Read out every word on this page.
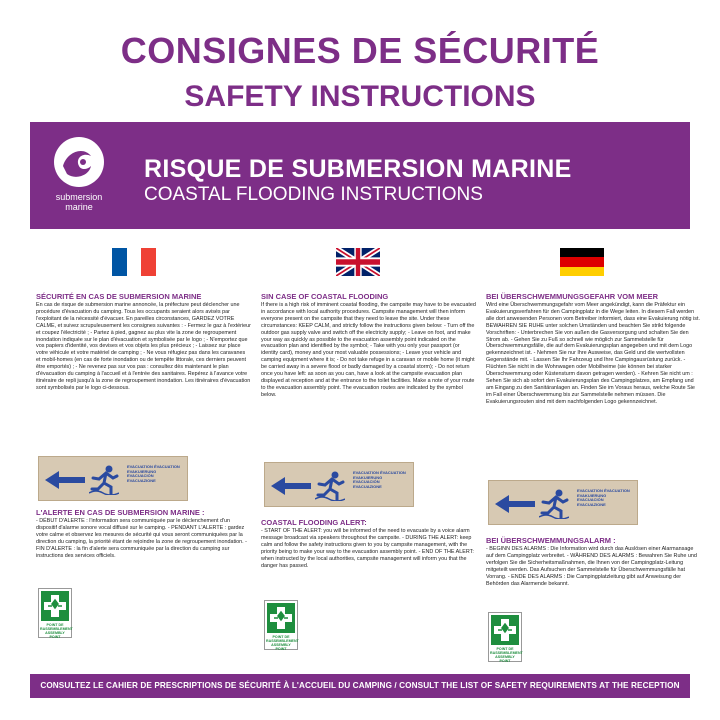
CONSIGNES DE SÉCURITÉ
SAFETY INSTRUCTIONS
submersion marine
RISQUE DE SUBMERSION MARINE
COASTAL FLOODING INSTRUCTIONS
SÉCURITÉ EN CAS DE SUBMERSION MARINE

En cas de risque de submersion marine annoncée, la préfecture peut déclencher une procédure d'évacuation du camping. Tous les occupants seraient alors avisés par l'exploitant de la nécessité d'évacuer. En pareilles circonstances, GARDEZ VOTRE CALME, et suivez scrupuleusement les consignes suivantes : - Fermez le gaz à l'extérieur et coupez l'électricité ; - Partez à pied, gagnez au plus vite la zone de regroupement inondation indiquée sur le plan d'évacuation et symbolisée par le logo ; - N'emportez que vos papiers d'identité, vos devises et vos objets les plus précieux ; - Laissez sur place votre véhicule et votre matériel de camping ; - Ne vous réfugiez pas dans les caravanes et mobil-homes (en cas de forte inondation ou de tempête littorale, ces derniers peuvent être emportés) ; - Ne revenez pas sur vos pas : consultez dès maintenant le plan d'évacuation du camping à l'accueil et à l'entrée des sanitaires. Repérez à l'avance votre itinéraire de repli jusqu'à la zone de regroupement inondation. Les itinéraires d'évacuation sont symbolisés par le logo ci-dessous.

L'ALERTE EN CAS DE SUBMERSION MARINE :

- DÉBUT D'ALERTE : l'information sera communiquée par le déclenchement d'un dispositif d'alarme sonore vocal diffusé sur le camping. - PENDANT L'ALERTE : gardez votre calme et observez les mesures de sécurité qui vous seront communiquées par la direction du camping, la priorité étant de rejoindre la zone de regroupement inondation. - FIN D'ALERTE : la fin d'alerte sera communiquée par la direction du camping sur instructions des services officiels.

SIN CASE OF COASTAL FLOODING

If there is a high risk of imminent coastal flooding, the campsite may have to be evacuated in accordance with local authority procedures. Campsite management will then inform everyone present on the campsite that they need to leave the site. Under these circumstances: KEEP CALM, and strictly follow the instructions given below: - Turn off the outdoor gas supply valve and switch off the electricity supply; - Leave on foot, and make your way as quickly as possible to the evacuation assembly point indicated on the evacuation plan and identified by the symbol; - Take with you only your passport (or identity card), money and your most valuable possessions; - Leave your vehicle and camping equipment where it is; - Do not take refuge in a caravan or mobile home (it might be carried away in a severe flood or badly damaged by a coastal storm); - Do not return once you have left: as soon as you can, have a look at the campsite evacuation plan displayed at reception and at the entrance to the toilet facilities. Make a note of your route to the evacuation assembly point. The evacuation routes are indicated by the symbol below.

COASTAL FLOODING ALERT:

- START OF THE ALERT: you will be informed of the need to evacuate by a voice alarm message broadcast via speakers throughout the campsite. - DURING THE ALERT: keep calm and follow the safety instructions given to you by campsite management, with the priority being to make your way to the evacuation assembly point. - END OF THE ALERT: when instructed by the local authorities, campsite management will inform you that the danger has passed.

BEI ÜBERSCHWEMMUNGSGEFAHR VOM MEER

Wird eine Überschwemmungsgefahr vom Meer angekündigt, kann die Präfektur ein Evakuierungsverfahren für den Campingplatz in die Wege leiten. In diesem Fall werden alle dort anwesenden Personen vom Betreiber informiert, dass eine Evakuierung nötig ist. BEWAHREN SIE RUHE unter solchen Umständen und beachten Sie strikt folgende Vorschriften: - Unterbrechen Sie von außen die Gasversorgung und schalten Sie den Strom ab. - Gehen Sie zu Fuß so schnell wie möglich zur Sammelstelle für Überschwemmungsfälle, die auf dem Evakuierungsplan angegeben und mit dem Logo gekennzeichnet ist. - Nehmen Sie nur Ihre Ausweise, das Geld und die wertvollsten Gegenstände mit. - Lassen Sie Ihr Fahrzeug und Ihre Campingausrüstung zurück. - Flüchten Sie nicht in die Wohnwagen oder Mobilheime (sie können bei starker Überschwemmung oder Küstensturm davon getragen werden). - Kehren Sie nicht um : Sehen Sie sich ab sofort den Evakuierungsplan des Campingplatzes, am Empfang und am Eingang zu den Sanitäranlagen an. Finden Sie im Voraus heraus, welche Route Sie im Fall einer Überschwemmung bis zur Sammelstelle nehmen müssen. Die Evakuierungsrouten sind mit dem nachfolgenden Logo gekennzeichnet.

BEI ÜBERSCHWEMMUNGSALARM :

- BEGINN DES ALARMS : Die Information wird durch das Auslösen einer Alarmansage auf dem Campingplatz verbreitet. - WÄHREND DES ALARMS : Bewahren Sie Ruhe und verfolgen Sie die Sicherheitsmaßnahmen, die Ihnen von der Campingplatz-Leitung mitgeteilt werden. Das Aufsuchen der Sammelstelle für Überschwemmungsfälle hat Vorrang. - ENDE DES ALARMS : Die Campingplatzleitung gibt auf Anweisung der Behörden das Alarmende bekannt.

EVACUATION ÉVACUATION EVAKUIERUNG EVACUACIÓN EVACUAZIONE
EVACUATION ÉVACUATION EVAKUIERUNG EVACUACIÓN EVACUAZIONE
EVACUATION ÉVACUATION EVAKUIERUNG EVACUACIÓN EVACUAZIONE
POINT DE RASSEMBLEMENT ASSEMBLY POINT	POINT DE RASSEMBLEMENT ASSEMBLY POINT	POINT DE RASSEMBLEMENT ASSEMBLY POINT
CONSULTEZ LE CAHIER DE PRESCRIPTIONS DE SÉCURITÉ À L'ACCUEIL DU CAMPING / CONSULT THE LIST OF SAFETY REQUIREMENTS AT THE RECEPTION
